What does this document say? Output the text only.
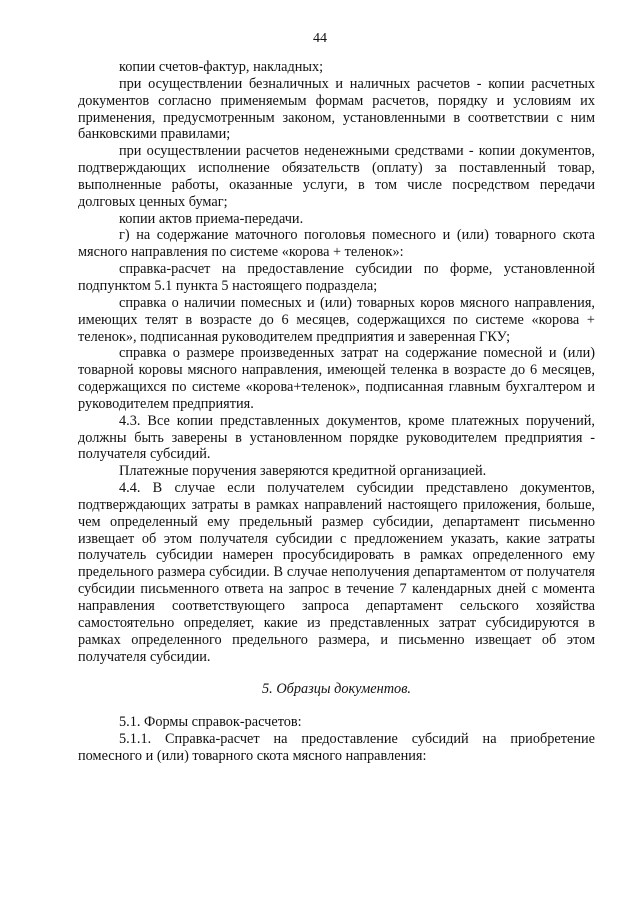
44

копии счетов-фактур, накладных;

при осуществлении безналичных и наличных расчетов - копии расчетных документов согласно применяемым формам расчетов, порядку и условиям их применения, предусмотренным законом, установленными в соответствии с ним банковскими правилами;

при осуществлении расчетов неденежными средствами - копии документов, подтверждающих исполнение обязательств (оплату) за поставленный товар, выполненные работы, оказанные услуги, в том числе посредством передачи долговых ценных бумаг;

копии актов приема-передачи.

г) на содержание маточного поголовья помесного и (или) товарного скота мясного направления по системе «корова + теленок»:

справка-расчет на предоставление субсидии по форме, установленной подпунктом 5.1 пункта 5 настоящего подраздела;

справка о наличии помесных и (или) товарных коров мясного направления, имеющих телят в возрасте до 6 месяцев, содержащихся по системе «корова + теленок», подписанная руководителем предприятия и заверенная ГКУ;

справка о размере произведенных затрат на содержание помесной и (или) товарной коровы мясного направления, имеющей теленка в возрасте до 6 месяцев, содержащихся по системе «корова+теленок», подписанная главным бухгалтером и руководителем предприятия.

4.3. Все копии представленных документов, кроме платежных поручений, должны быть заверены в установленном порядке руководителем предприятия - получателя субсидий.

Платежные поручения заверяются кредитной организацией.

4.4. В случае если получателем субсидии представлено документов, подтверждающих затраты в рамках направлений настоящего приложения, больше, чем определенный ему предельный размер субсидии, департамент письменно извещает об этом получателя субсидии с предложением указать, какие затраты получатель субсидии намерен просубсидировать в рамках определенного ему предельного размера субсидии. В случае неполучения департаментом от получателя субсидии письменного ответа на запрос в течение 7 календарных дней с момента направления соответствующего запроса департамент сельского хозяйства самостоятельно определяет, какие из представленных затрат субсидируются в рамках определенного предельного размера, и письменно извещает об этом получателя субсидии.

5. Образцы документов.

5.1. Формы справок-расчетов:

5.1.1. Справка-расчет на предоставление субсидий на приобретение помесного и (или) товарного скота мясного направления:
